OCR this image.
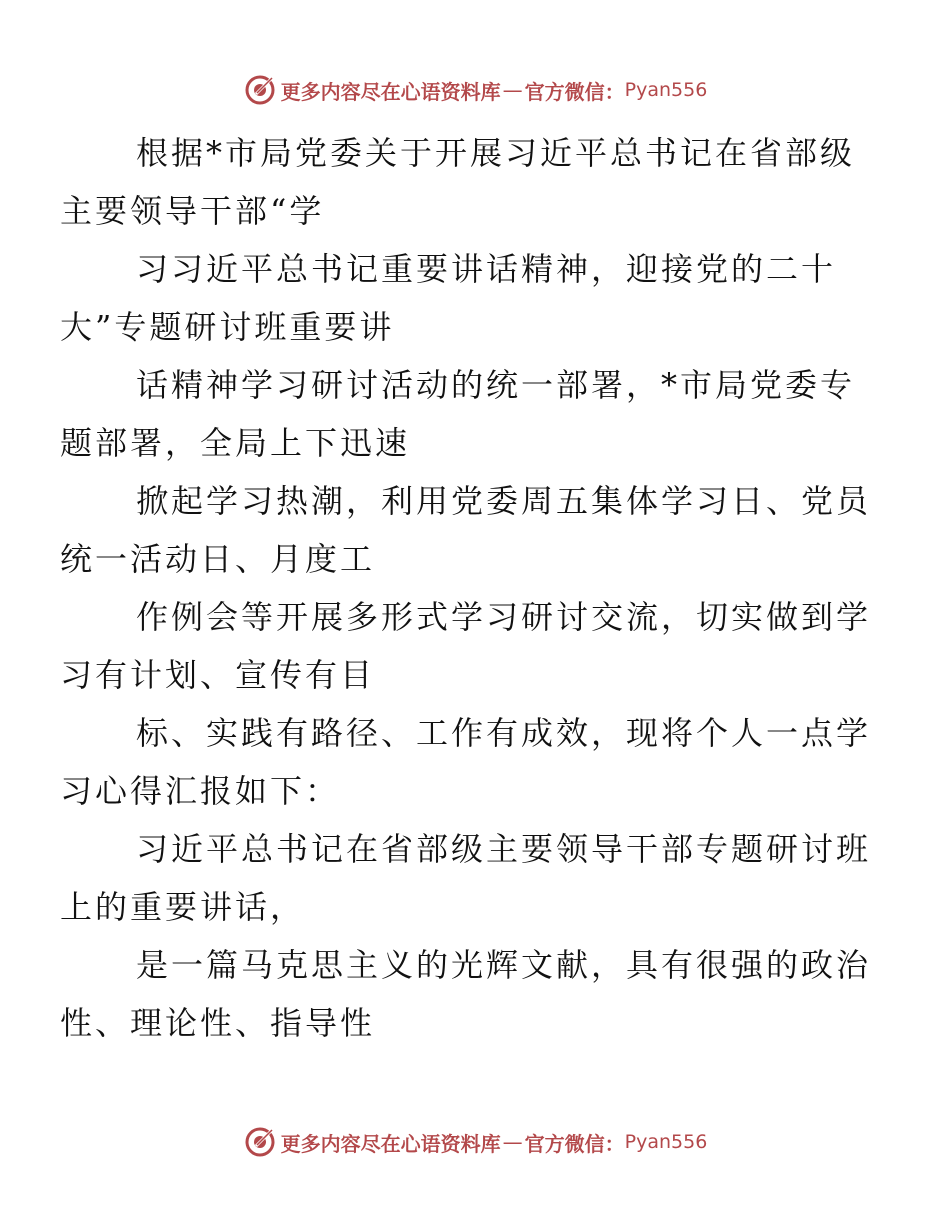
更多内容尽在心语资料库 — 官方微信： Pyan556

根据*市局党委关于开展习近平总书记在省部级
主要领导干部“学

习习近平总书记重要讲话精神，迎接党的二十
大”专题研讨班重要讲

话精神学习研讨活动的统一部署，*市局党委专
题部署，全局上下迅速

掀起学习热潮，利用党委周五集体学习日、党员
统一活动日、月度工

作例会等开展多形式学习研讨交流，切实做到学
习有计划、宣传有目

标、实践有路径、工作有成效，现将个人一点学
习心得汇报如下：

习近平总书记在省部级主要领导干部专题研讨班
上的重要讲话，

是一篇马克思主义的光辉文献，具有很强的政治
性、理论性、指导性

更多内容尽在心语资料库 — 官方微信： Pyan556
